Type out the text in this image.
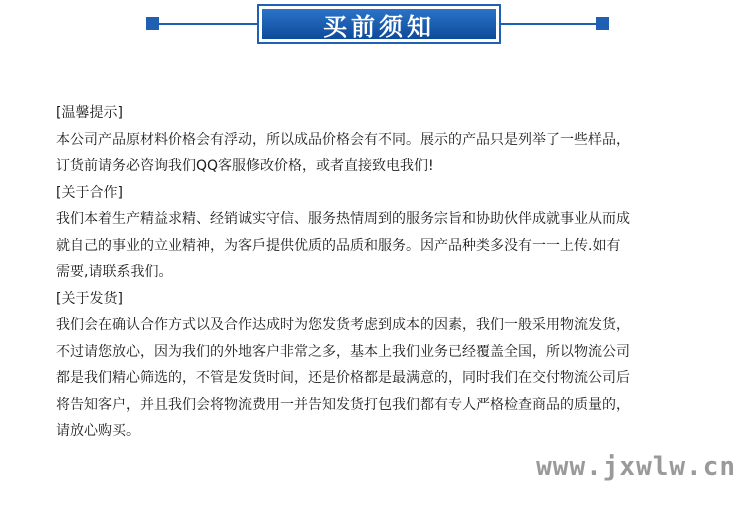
买前须知

[温馨提示]

本公司产品原材料价格会有浮动，所以成品价格会有不同。展示的产品只是列举了一些样品，

订货前请务必咨询我们QQ客服修改价格，或者直接致电我们!

[关于合作]

我们本着生产精益求精、经销诚实守信、服务热情周到的服务宗旨和协助伙伴成就事业从而成

就自己的事业的立业精神，为客戶提供优质的品质和服务。因产品种类多没有一一上传.如有

需要,请联系我们。

[关于发货]

我们会在确认合作方式以及合作达成时为您发货考虑到成本的因素，我们一般采用物流发货，

不过请您放心，因为我们的外地客户非常之多，基本上我们业务已经覆盖全国，所以物流公司

都是我们精心筛选的，不管是发货时间，还是价格都是最满意的，同时我们在交付物流公司后

将告知客户，并且我们会将物流费用一并告知发货打包我们都有专人严格检查商品的质量的，

请放心购买。

www.jxwlw.cn
